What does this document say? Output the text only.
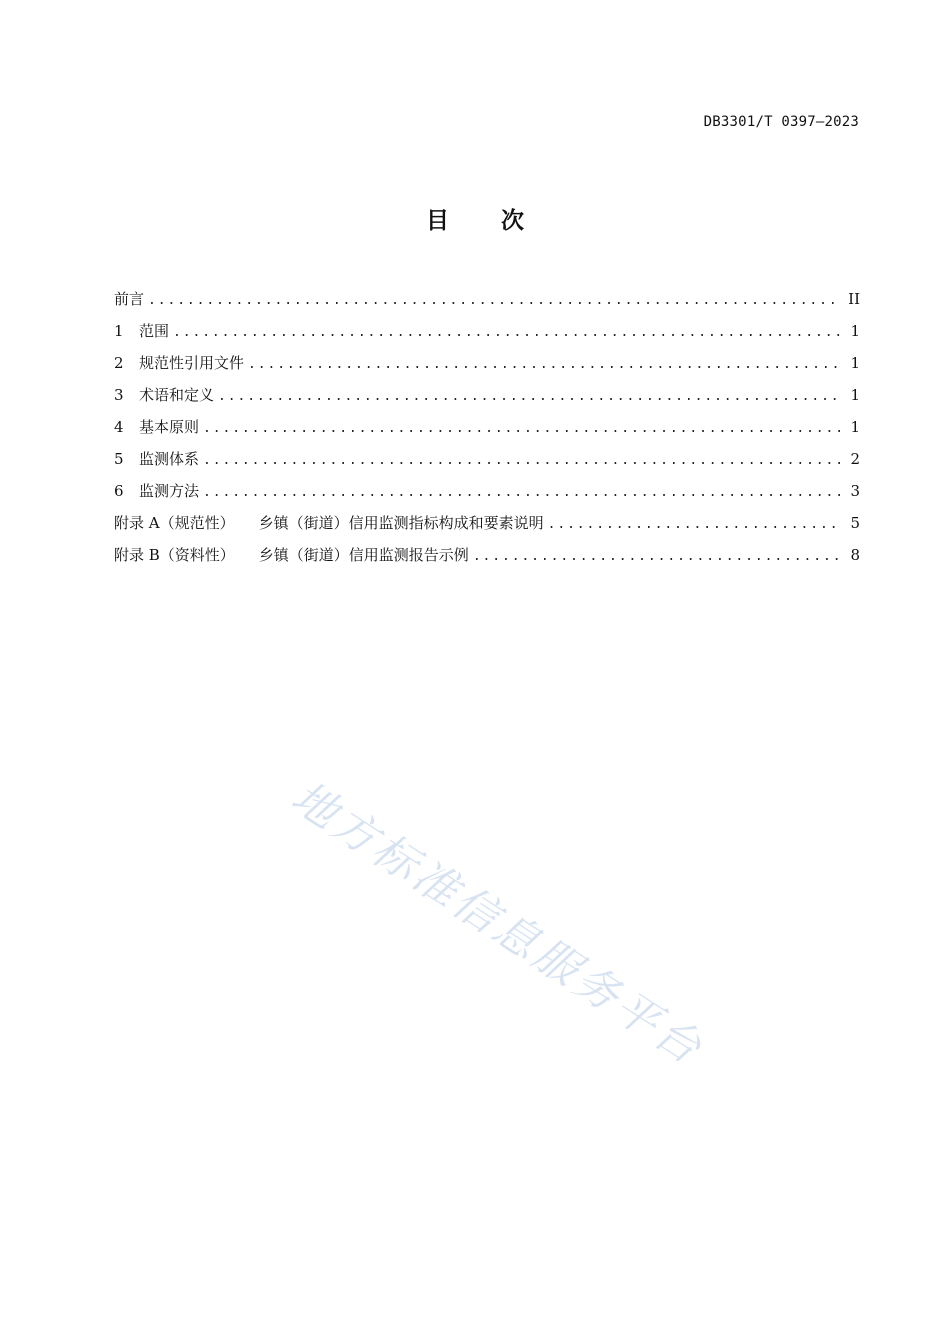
DB3301/T 0397—2023
目 次
前言 .....	II
1	范围 .....	1
2	规范性引用文件 .....	1
3	术语和定义 .....	1
4	基本原则 .....	1
5	监测体系 .....	2
6	监测方法 .....	3
附录 A（规范性） 乡镇（街道）信用监测指标构成和要素说明 .....	5
附录 B（资料性） 乡镇（街道）信用监测报告示例 .....	8
地方标准信息服务平台
